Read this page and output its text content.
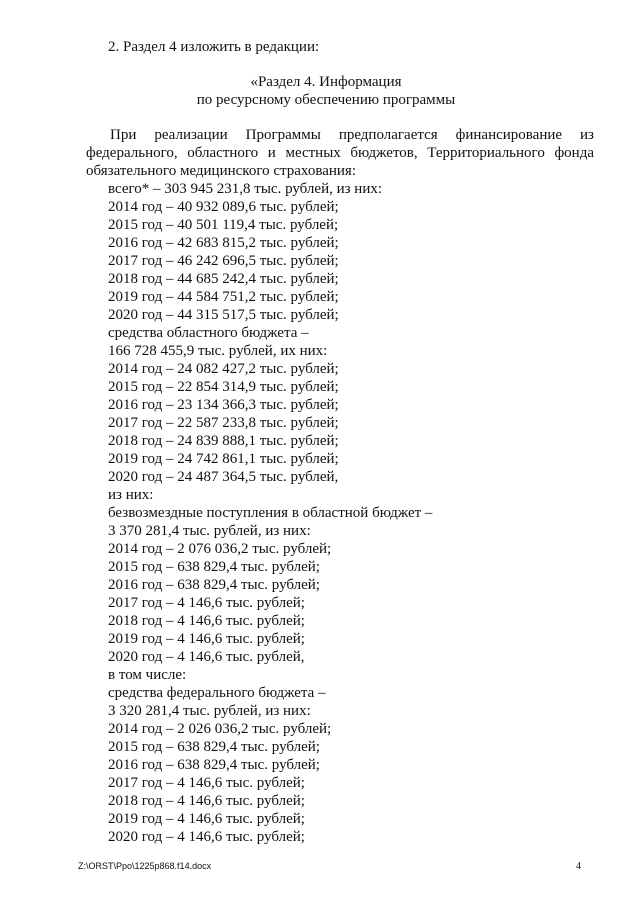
2. Раздел 4 изложить в редакции:
«Раздел 4. Информация
по ресурсному обеспечению программы
При реализации Программы предполагается финансирование из
федерального, областного и местных бюджетов, Территориального фонда
обязательного медицинского страхования:
всего* – 303 945 231,8 тыс. рублей, из них:
2014 год – 40 932 089,6 тыс. рублей;
2015 год – 40 501 119,4 тыс. рублей;
2016 год – 42 683 815,2 тыс. рублей;
2017 год – 46 242 696,5 тыс. рублей;
2018 год – 44 685 242,4 тыс. рублей;
2019 год – 44 584 751,2 тыс. рублей;
2020 год – 44 315 517,5 тыс. рублей;
средства областного бюджета –
166 728 455,9 тыс. рублей, их них:
2014 год – 24 082 427,2 тыс. рублей;
2015 год – 22 854 314,9 тыс. рублей;
2016 год – 23 134 366,3 тыс. рублей;
2017 год – 22 587 233,8 тыс. рублей;
2018 год – 24 839 888,1 тыс. рублей;
2019 год – 24 742 861,1 тыс. рублей;
2020 год – 24 487 364,5 тыс. рублей,
из них:
безвозмездные поступления в областной бюджет –
3 370 281,4 тыс. рублей, из них:
2014 год – 2 076 036,2 тыс. рублей;
2015 год – 638 829,4 тыс. рублей;
2016 год – 638 829,4 тыс. рублей;
2017 год – 4 146,6 тыс. рублей;
2018 год – 4 146,6 тыс. рублей;
2019 год – 4 146,6 тыс. рублей;
2020 год – 4 146,6 тыс. рублей,
в том числе:
средства федерального бюджета –
3 320 281,4 тыс. рублей, из них:
2014 год – 2 026 036,2 тыс. рублей;
2015 год – 638 829,4 тыс. рублей;
2016 год – 638 829,4 тыс. рублей;
2017 год – 4 146,6 тыс. рублей;
2018 год – 4 146,6 тыс. рублей;
2019 год – 4 146,6 тыс. рублей;
2020 год – 4 146,6 тыс. рублей;
Z:\ORST\Ppo\1225p868.f14.docx	4
